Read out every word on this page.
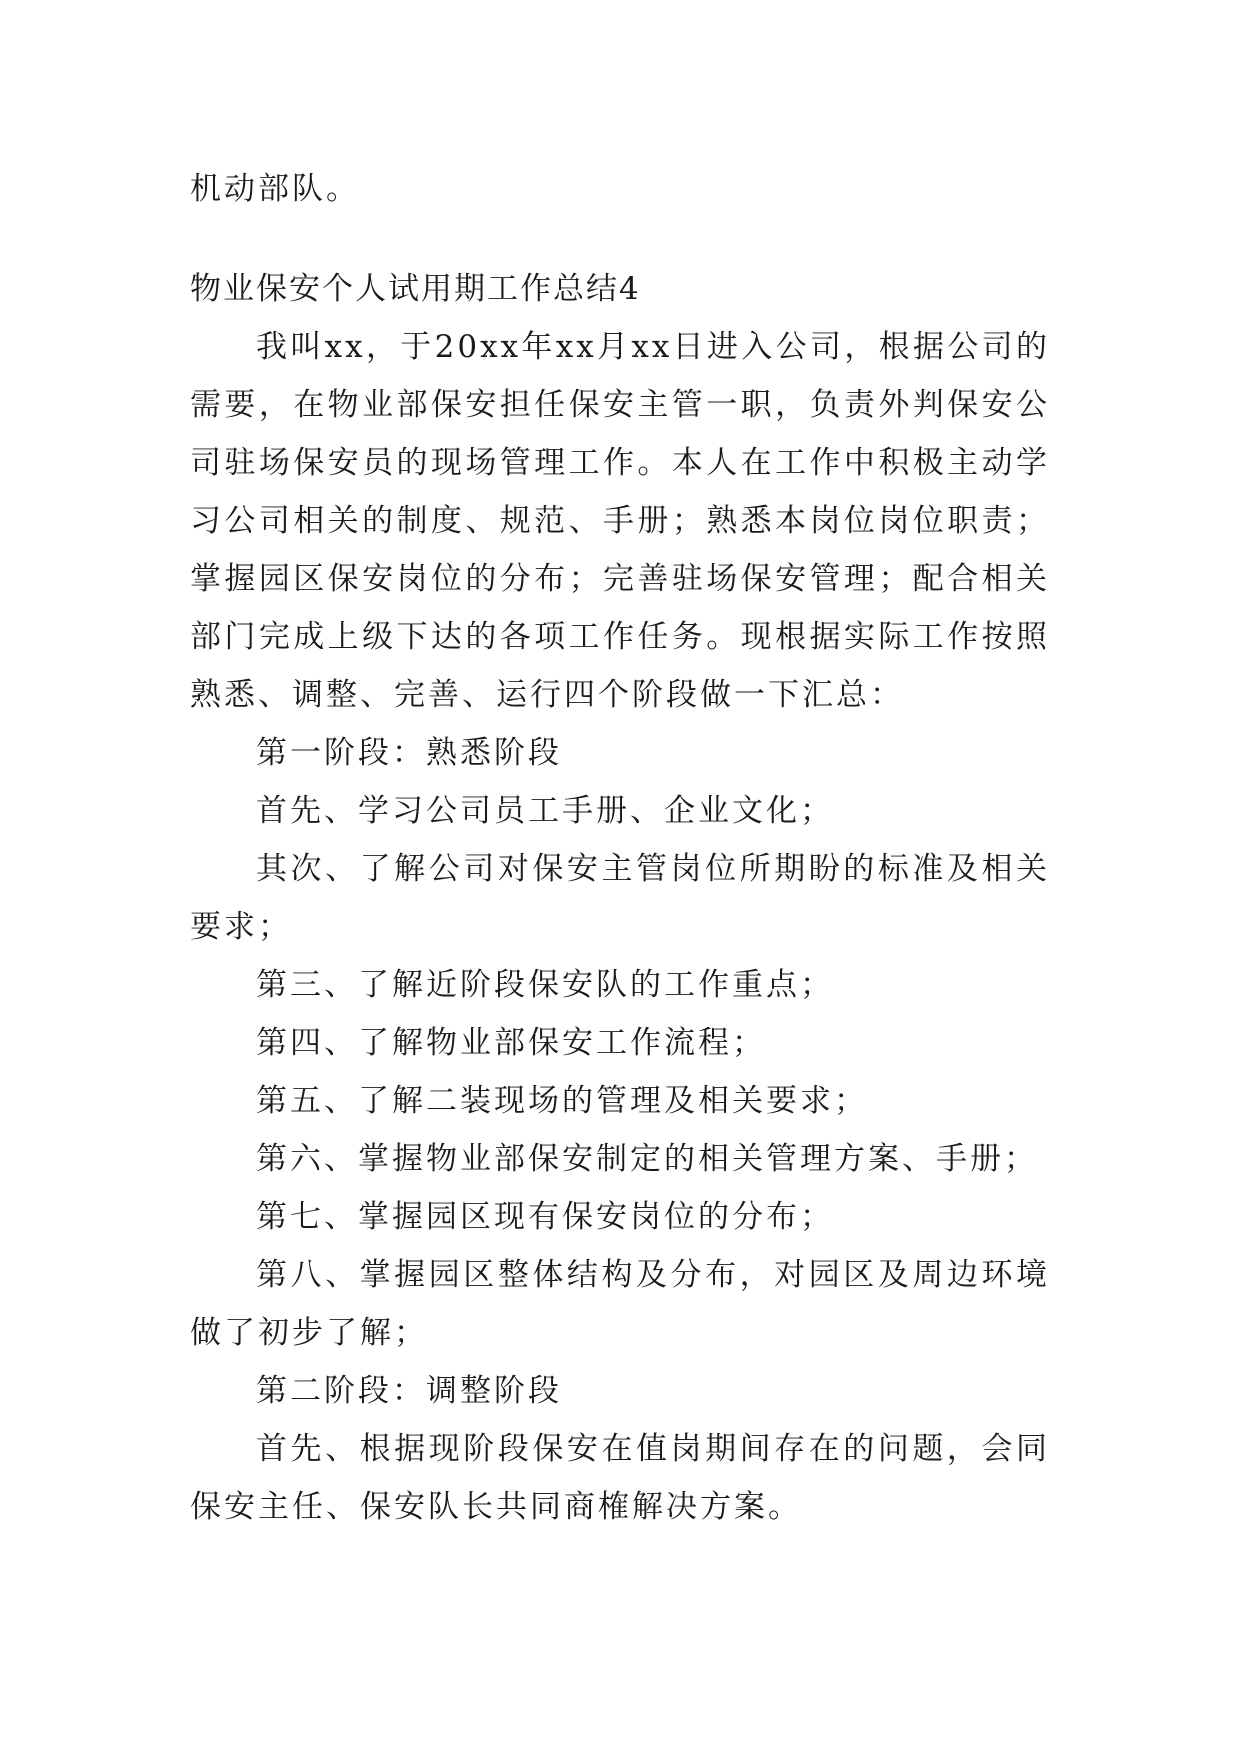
机动部队。

物业保安个人试用期工作总结4

我叫xx，于20xx年xx月xx日进入公司，根据公司的需要，在物业部保安担任保安主管一职，负责外判保安公司驻场保安员的现场管理工作。本人在工作中积极主动学习公司相关的制度、规范、手册；熟悉本岗位岗位职责；掌握园区保安岗位的分布；完善驻场保安管理；配合相关部门完成上级下达的各项工作任务。现根据实际工作按照熟悉、调整、完善、运行四个阶段做一下汇总：

第一阶段：熟悉阶段

首先、学习公司员工手册、企业文化；

其次、了解公司对保安主管岗位所期盼的标准及相关要求；

第三、了解近阶段保安队的工作重点；

第四、了解物业部保安工作流程；

第五、了解二装现场的管理及相关要求；

第六、掌握物业部保安制定的相关管理方案、手册；

第七、掌握园区现有保安岗位的分布；

第八、掌握园区整体结构及分布，对园区及周边环境做了初步了解；

第二阶段：调整阶段

首先、根据现阶段保安在值岗期间存在的问题，会同保安主任、保安队长共同商榷解决方案。
